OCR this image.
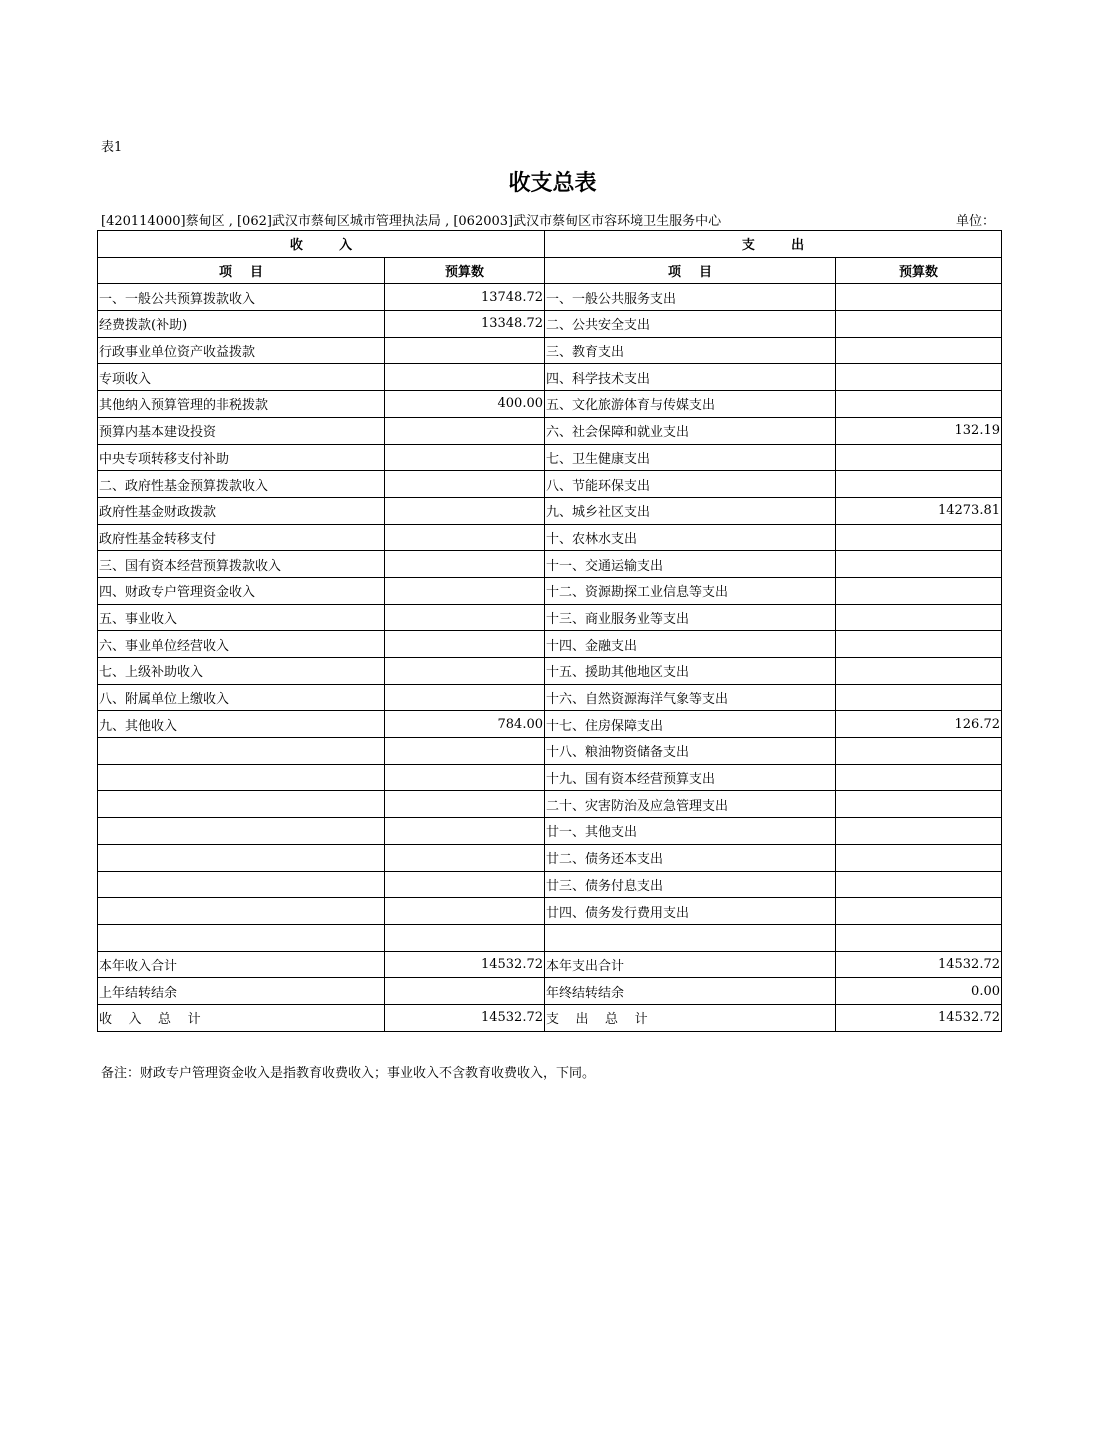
表1
收支总表
[420114000]蔡甸区 , [062]武汉市蔡甸区城市管理执法局 , [062003]武汉市蔡甸区市容环境卫生服务中心	单位：
收        入		支        出	
项    目	预算数	项    目	预算数
一、一般公共预算拨款收入	13748.72	一、一般公共服务支出	
经费拨款(补助)	13348.72	二、公共安全支出	
行政事业单位资产收益拨款		三、教育支出	
专项收入		四、科学技术支出	
其他纳入预算管理的非税拨款	400.00	五、文化旅游体育与传媒支出	
预算内基本建设投资		六、社会保障和就业支出	132.19
中央专项转移支付补助		七、卫生健康支出	
二、政府性基金预算拨款收入		八、节能环保支出	
政府性基金财政拨款		九、城乡社区支出	14273.81
政府性基金转移支付		十、农林水支出	
三、国有资本经营预算拨款收入		十一、交通运输支出	
四、财政专户管理资金收入		十二、资源勘探工业信息等支出	
五、事业收入		十三、商业服务业等支出	
六、事业单位经营收入		十四、金融支出	
七、上级补助收入		十五、援助其他地区支出	
八、附属单位上缴收入		十六、自然资源海洋气象等支出	
九、其他收入	784.00	十七、住房保障支出	126.72
		十八、粮油物资储备支出	
		十九、国有资本经营预算支出	
		二十、灾害防治及应急管理支出	
		廿一、其他支出	
		廿二、债务还本支出	
		廿三、债务付息支出	
		廿四、债务发行费用支出	

本年收入合计	14532.72	本年支出合计	14532.72
上年结转结余		年终结转结余	0.00
收    入    总    计	14532.72	支    出    总    计	14532.72
备注：财政专户管理资金收入是指教育收费收入；事业收入不含教育收费收入，下同。
